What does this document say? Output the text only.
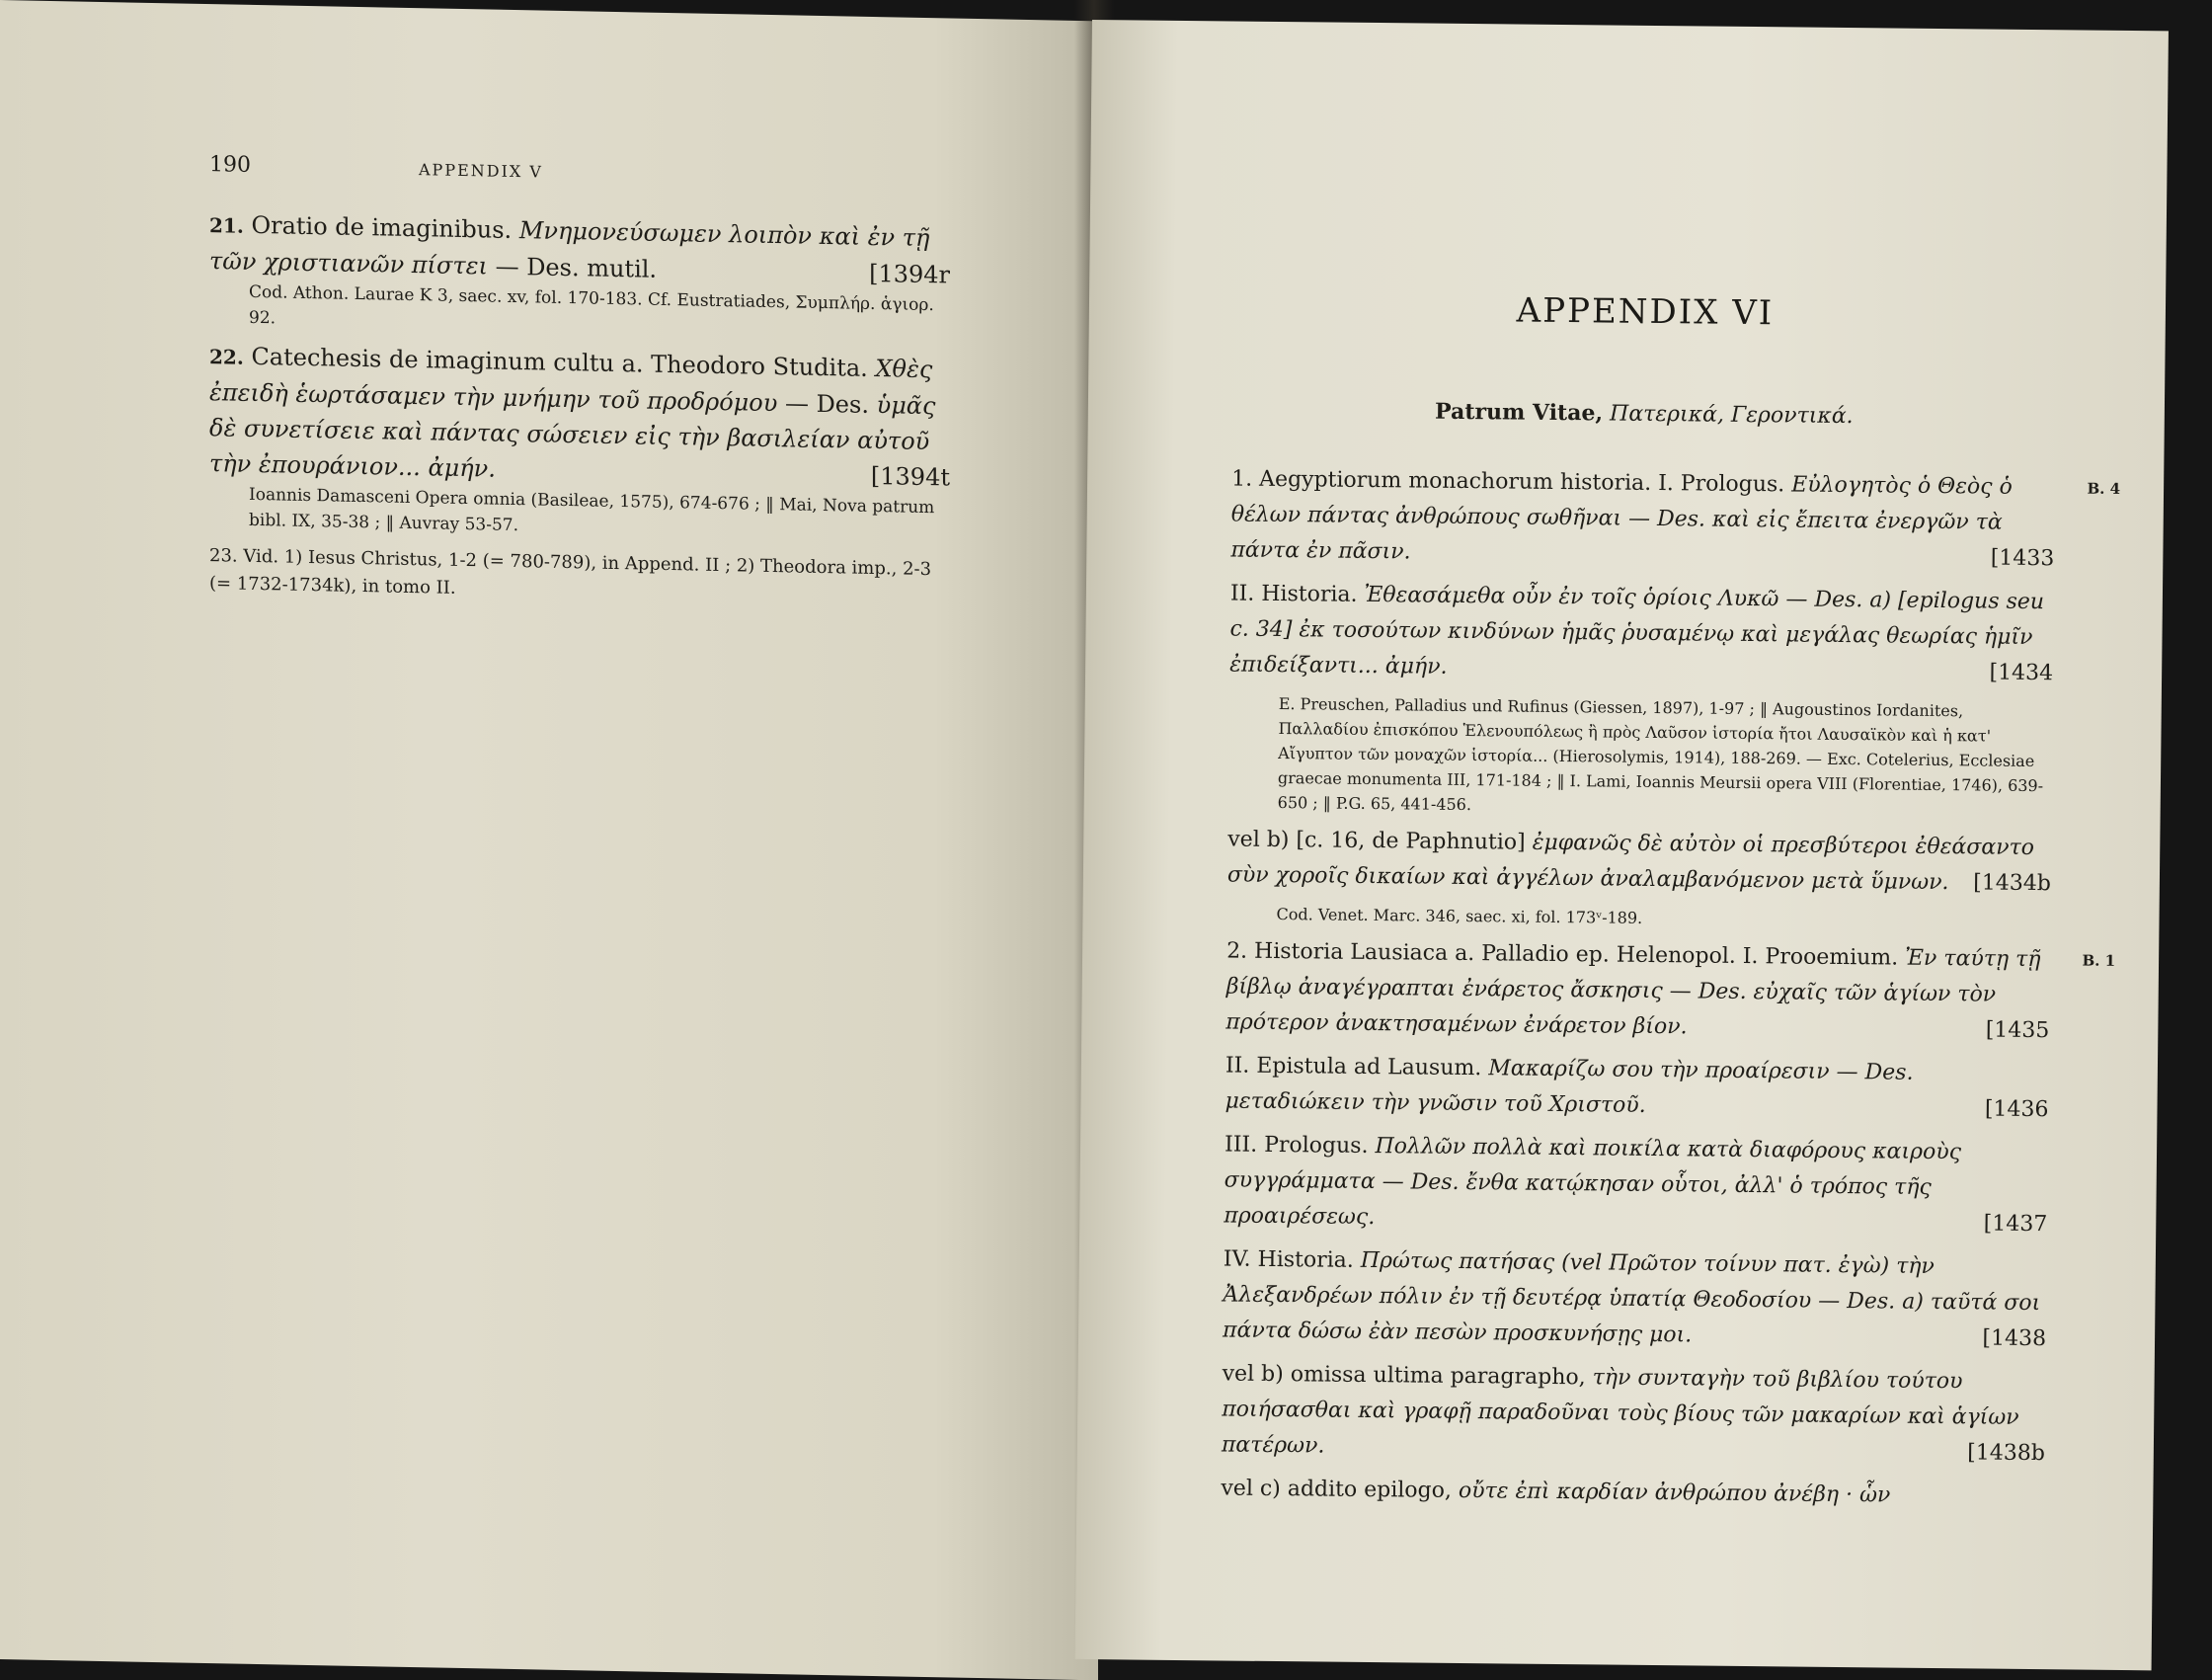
190	APPENDIX V
21. Oratio de imaginibus. Μνημονεύσωμεν λοιπὸν καὶ ἐν τῇ τῶν χριστιανῶν πίστει — Des. mutil.	[1394r
Cod. Athon. Laurae K 3, saec. xv, fol. 170-183. Cf. Eustratiades, Συμπλήρ. ἁγιορ. 92.
22. Catechesis de imaginum cultu a. Theodoro Studita. Χθὲς ἐπειδὴ ἑωρτάσαμεν τὴν μνήμην τοῦ προδρόμου — Des. ὑμᾶς δὲ συνετίσειε καὶ πάντας σώσειεν εἰς τὴν βασιλείαν αὐτοῦ τὴν ἐπουράνιον... ἀμήν.	[1394t
Ioannis Damasceni Opera omnia (Basileae, 1575), 674-676 ; ‖ Mai, Nova patrum bibl. IX, 35-38 ; ‖ Auvray 53-57.
23. Vid. 1) Iesus Christus, 1-2 (= 780-789), in Append. II ; 2) Theodora imp., 2-3 (= 1732-1734k), in tomo II.
APPENDIX VI
Patrum Vitae, Πατερικά, Γεροντικά.
1. Aegyptiorum monachorum historia. I. Prologus. Εὐλογητὸς ὁ Θεὸς ὁ θέλων πάντας ἀνθρώπους σωθῆναι — Des. καὶ εἰς ἔπειτα ἐνεργῶν τὰ πάντα ἐν πᾶσιν.	[1433
B. 4
II. Historia. Ἐθεασάμεθα οὖν ἐν τοῖς ὁρίοις Λυκῶ — Des. a) [epilogus seu c. 34] ἐκ τοσούτων κινδύνων ἡμᾶς ῥυσαμένῳ καὶ μεγάλας θεωρίας ἡμῖν ἐπιδείξαντι... ἀμήν.	[1434
E. Preuschen, Palladius und Rufinus (Giessen, 1897), 1-97 ; ‖ Augoustinos Iordanites, Παλλαδίου ἐπισκόπου Ἑλενουπόλεως ἢ πρὸς Λαῦσον ἱστορία ἤτοι Λαυσαϊκὸν καὶ ἡ κατ' Αἴγυπτον τῶν μοναχῶν ἱστορία... (Hierosolymis, 1914), 188-269. — Exc. Cotelerius, Ecclesiae graecae monumenta III, 171-184 ; ‖ I. Lami, Ioannis Meursii opera VIII (Florentiae, 1746), 639-650 ; ‖ P.G. 65, 441-456.
vel b) [c. 16, de Paphnutio] ἐμφανῶς δὲ αὐτὸν οἱ πρεσβύτεροι ἐθεάσαντο σὺν χοροῖς δικαίων καὶ ἀγγέλων ἀναλαμβανόμενον μετὰ ὕμνων. [1434b
Cod. Venet. Marc. 346, saec. xi, fol. 173ᵛ-189.
2. Historia Lausiaca a. Palladio ep. Helenopol. I. Prooemium. Ἐν ταύτῃ τῇ βίβλῳ ἀναγέγραπται ἐνάρετος ἄσκησις — Des. εὐχαῖς τῶν ἁγίων τὸν πρότερον ἀνακτησαμένων ἐνάρετον βίον.	[1435
B. 1
II. Epistula ad Lausum. Μακαρίζω σου τὴν προαίρεσιν — Des. μεταδιώκειν τὴν γνῶσιν τοῦ Χριστοῦ.	[1436
III. Prologus. Πολλῶν πολλὰ καὶ ποικίλα κατὰ διαφόρους καιροὺς συγγράμματα — Des. ἔνθα κατῴκησαν οὗτοι, ἀλλ' ὁ τρόπος τῆς προαιρέσεως.	[1437
IV. Historia. Πρώτως πατήσας (vel Πρῶτον τοίνυν πατ. ἐγὼ) τὴν Ἀλεξανδρέων πόλιν ἐν τῇ δευτέρᾳ ὑπατίᾳ Θεοδοσίου — Des. a) ταῦτά σοι πάντα δώσω ἐὰν πεσὼν προσκυνήσῃς μοι.	[1438
vel b) omissa ultima paragrapho, τὴν συνταγὴν τοῦ βιβλίου τούτου ποιήσασθαι καὶ γραφῇ παραδοῦναι τοὺς βίους τῶν μακαρίων καὶ ἁγίων πατέρων.	[1438b
vel c) addito epilogo, οὔτε ἐπὶ καρδίαν ἀνθρώπου ἀνέβη · ὧν
